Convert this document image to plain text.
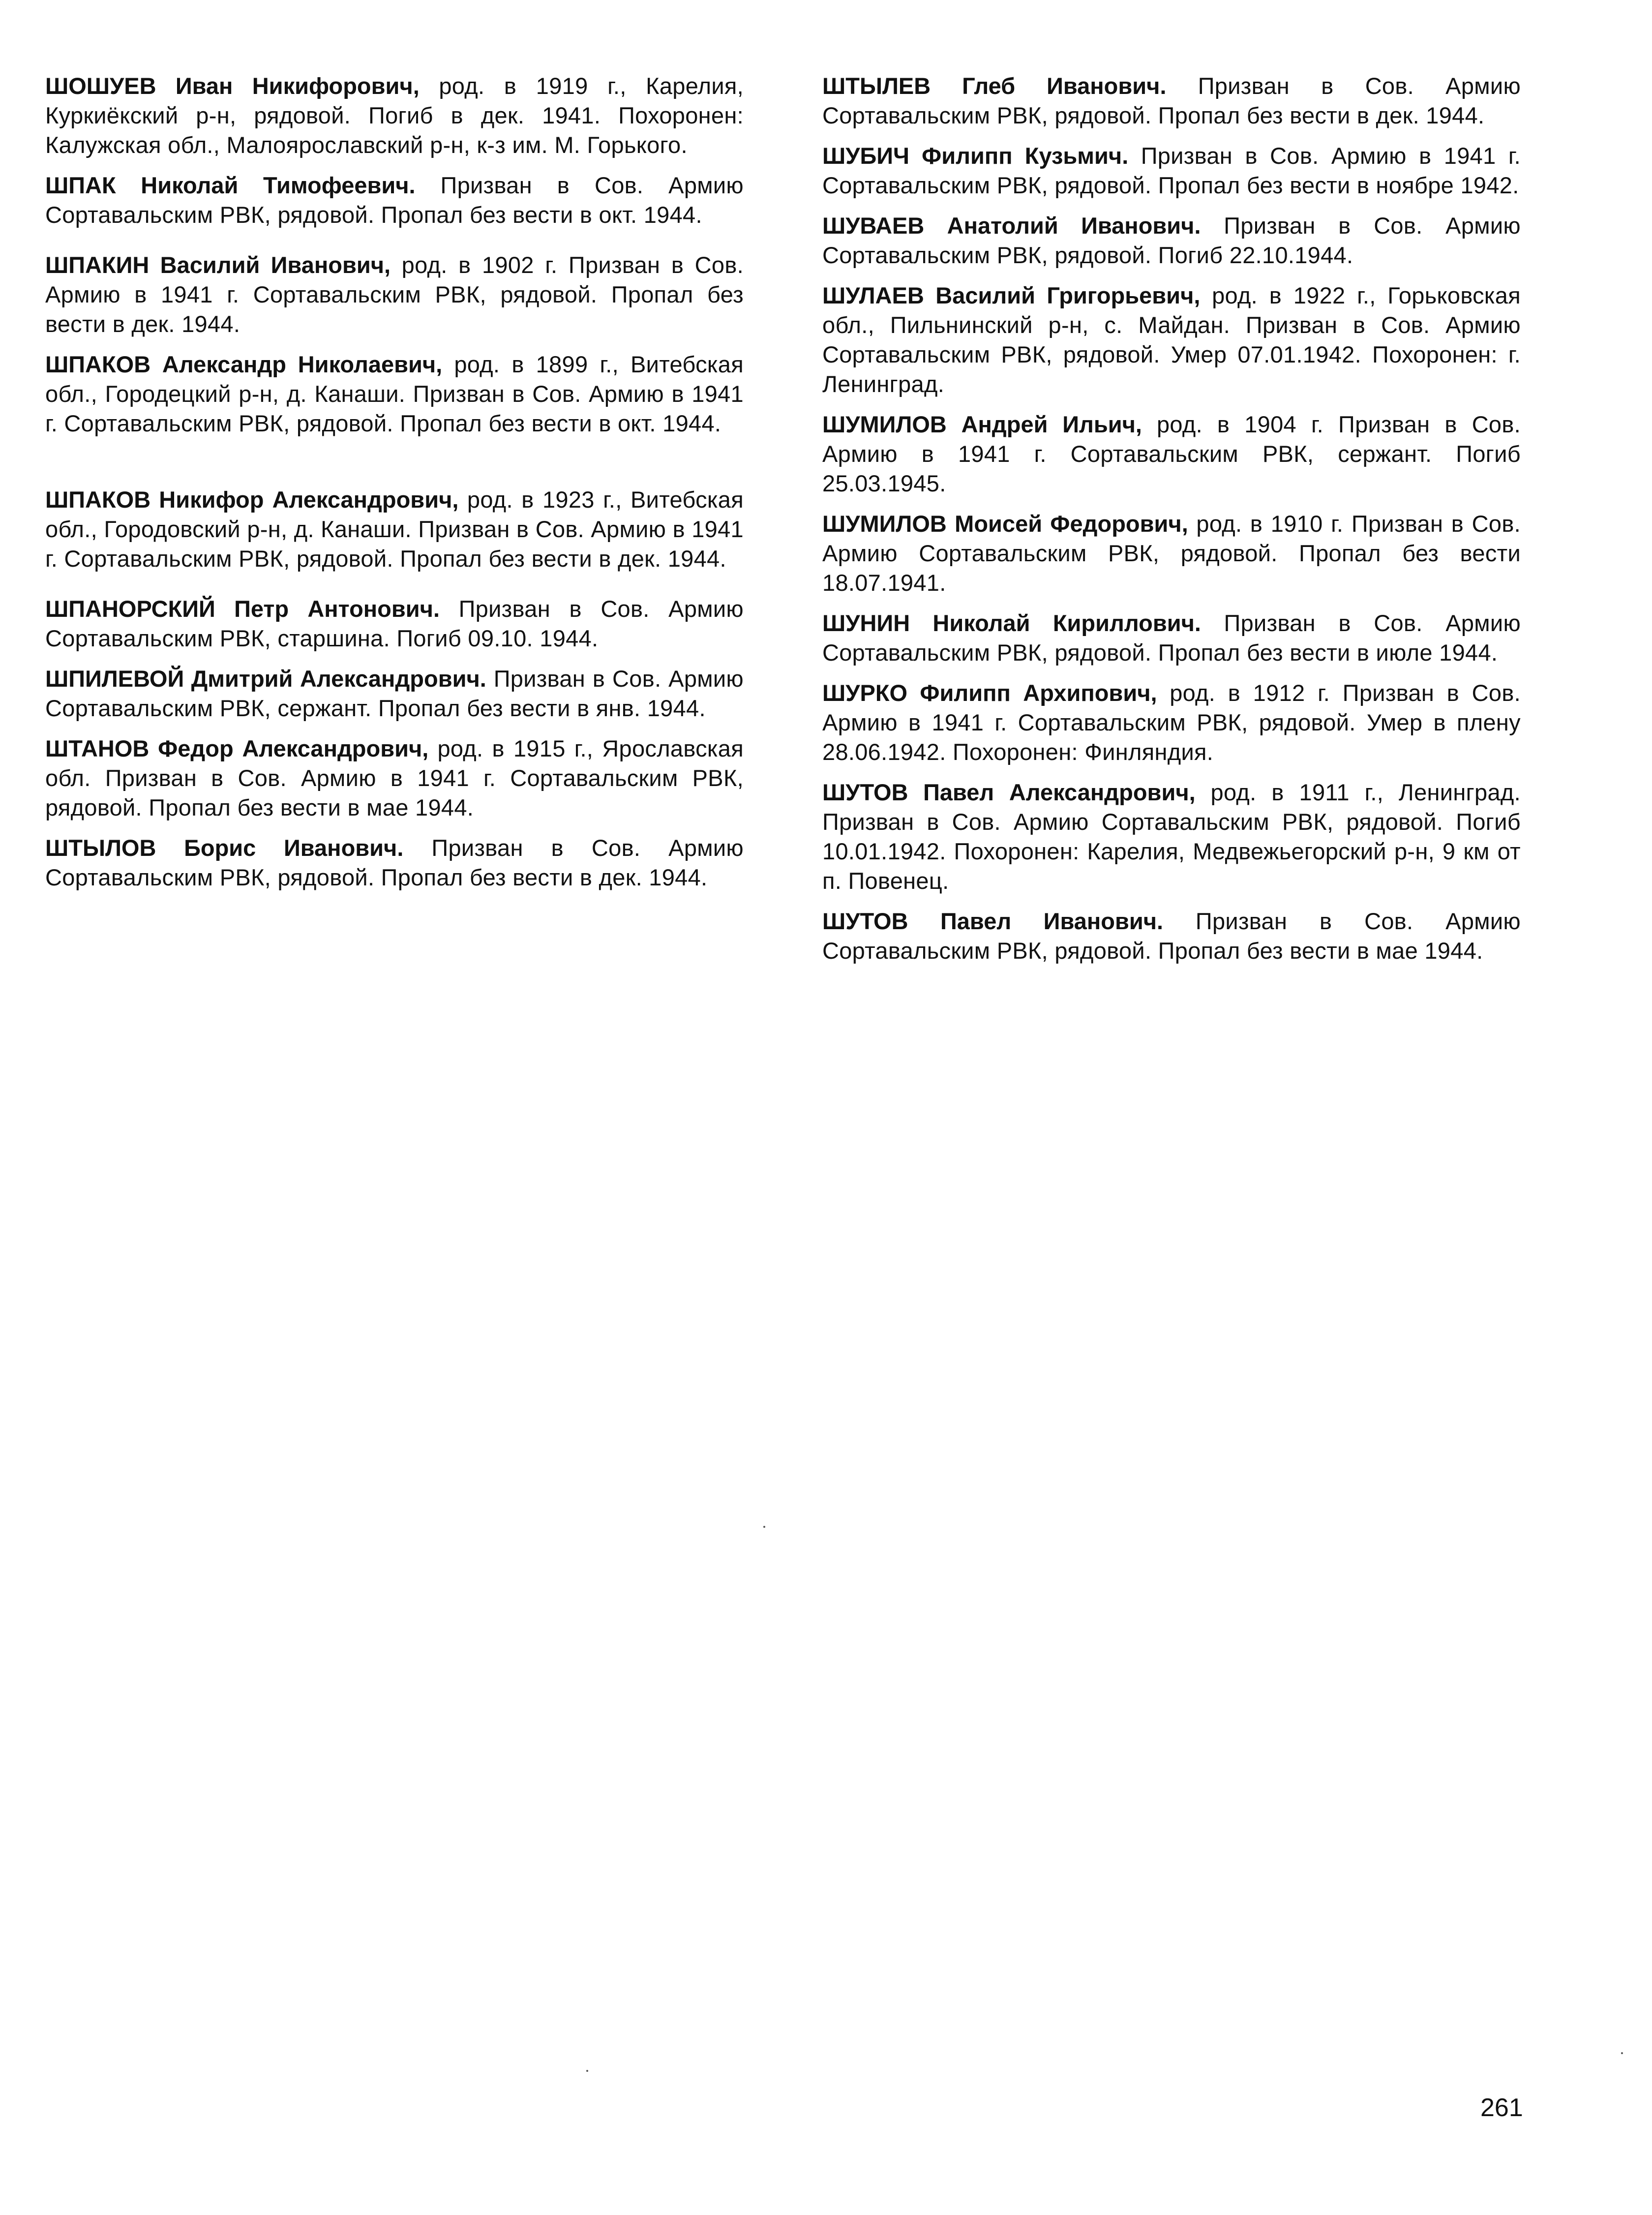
ШОШУЕВ Иван Никифорович, род. в 1919 г., Карелия, Куркиёкский р-н, рядовой. Погиб в дек. 1941. Похоронен: Калужская обл., Малоярославский р-н, к-з им. М. Горького.

ШПАК Николай Тимофеевич. Призван в Сов. Армию Сортавальским РВК, рядовой. Пропал без вести в окт. 1944.

ШПАКИН Василий Иванович, род. в 1902 г. Призван в Сов. Армию в 1941 г. Сортавальским РВК, рядовой. Пропал без вести в дек. 1944.

ШПАКОВ Александр Николаевич, род. в 1899 г., Витебская обл., Городецкий р-н, д. Канаши. Призван в Сов. Армию в 1941 г. Сортавальским РВК, рядовой. Пропал без вести в окт. 1944.

ШПАКОВ Никифор Александрович, род. в 1923 г., Витебская обл., Городовский р-н, д. Канаши. Призван в Сов. Армию в 1941 г. Сортавальским РВК, рядовой. Пропал без вести в дек. 1944.

ШПАНОРСКИЙ Петр Антонович. Призван в Сов. Армию Сортавальским РВК, старшина. Погиб 09.10. 1944.

ШПИЛЕВОЙ Дмитрий Александрович. Призван в Сов. Армию Сортавальским РВК, сержант. Пропал без вести в янв. 1944.

ШТАНОВ Федор Александрович, род. в 1915 г., Ярославская обл. Призван в Сов. Армию в 1941 г. Сортавальским РВК, рядовой. Пропал без вести в мае 1944.

ШТЫЛОВ Борис Иванович. Призван в Сов. Армию Сортавальским РВК, рядовой. Пропал без вести в дек. 1944.

ШТЫЛЕВ Глеб Иванович. Призван в Сов. Армию Сортавальским РВК, рядовой. Пропал без вести в дек. 1944.

ШУБИЧ Филипп Кузьмич. Призван в Сов. Армию в 1941 г. Сортавальским РВК, рядовой. Пропал без вести в ноябре 1942.

ШУВАЕВ Анатолий Иванович. Призван в Сов. Армию Сортавальским РВК, рядовой. Погиб 22.10.1944.

ШУЛАЕВ Василий Григорьевич, род. в 1922 г., Горьковская обл., Пильнинский р-н, с. Майдан. Призван в Сов. Армию Сортавальским РВК, рядовой. Умер 07.01.1942. Похоронен: г. Ленинград.

ШУМИЛОВ Андрей Ильич, род. в 1904 г. Призван в Сов. Армию в 1941 г. Сортавальским РВК, сержант. Погиб 25.03.1945.

ШУМИЛОВ Моисей Федорович, род. в 1910 г. Призван в Сов. Армию Сортавальским РВК, рядовой. Пропал без вести 18.07.1941.

ШУНИН Николай Кириллович. Призван в Сов. Армию Сортавальским РВК, рядовой. Пропал без вести в июле 1944.

ШУРКО Филипп Архипович, род. в 1912 г. Призван в Сов. Армию в 1941 г. Сортавальским РВК, рядовой. Умер в плену 28.06.1942. Похоронен: Финляндия.

ШУТОВ Павел Александрович, род. в 1911 г., Ленинград. Призван в Сов. Армию Сортавальским РВК, рядовой. Погиб 10.01.1942. Похоронен: Карелия, Медвежьегорский р-н, 9 км от п. Повенец.

ШУТОВ Павел Иванович. Призван в Сов. Армию Сортавальским РВК, рядовой. Пропал без вести в мае 1944.

261
